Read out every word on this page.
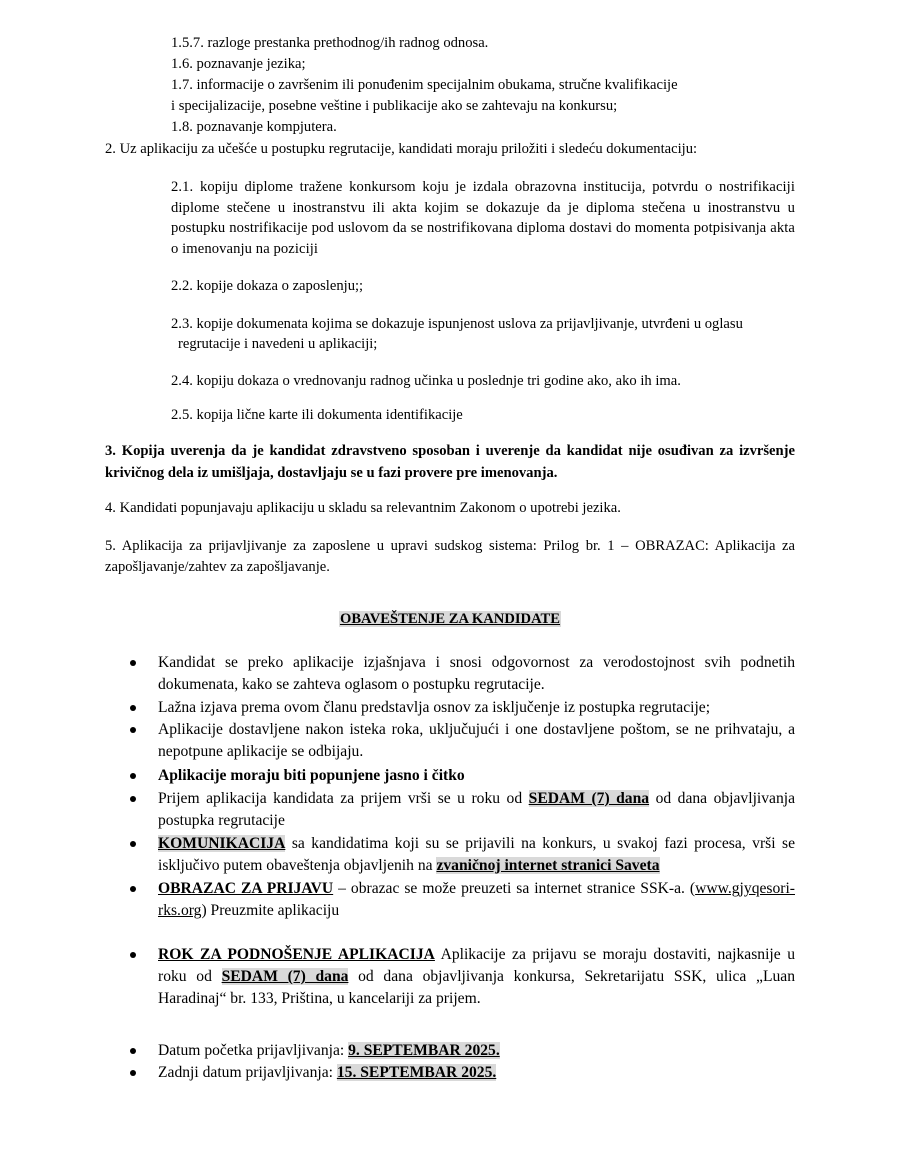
1.5.7. razloge prestanka prethodnog/ih radnog odnosa.
1.6. poznavanje jezika;
1.7. informacije o završenim ili ponuđenim specijalnim obukama, stručne kvalifikacije
i specijalizacije, posebne veštine i publikacije ako se zahtevaju na konkursu;
1.8. poznavanje kompjutera.
2. Uz aplikaciju za učešće u postupku regrutacije, kandidati moraju priložiti i sledeću dokumentaciju:
2.1. kopiju diplome tražene konkursom koju je izdala obrazovna institucija, potvrdu o nostrifikaciji diplome stečene u inostranstvu ili akta kojim se dokazuje da je diploma stečena u inostranstvu u postupku nostrifikacije pod uslovom da se nostrifikovana diploma dostavi do momenta potpisivanja akta o imenovanju na poziciji
2.2. kopije dokaza o zaposlenju;;
2.3. kopije dokumenata kojima se dokazuje ispunjenost uslova za prijavljivanje, utvrđeni u oglasu
regrutacije i navedeni u aplikaciji;
2.4. kopiju dokaza o vrednovanju radnog učinka u poslednje tri godine ako, ako ih ima.
2.5. kopija lične karte ili dokumenta identifikacije
3. Kopija uverenja da je kandidat zdravstveno sposoban i uverenje da kandidat nije osuđivan za izvršenje krivičnog dela iz umišljaja, dostavljaju se u fazi provere pre imenovanja.
4. Kandidati popunjavaju aplikaciju u skladu sa relevantnim Zakonom o upotrebi jezika.
5. Aplikacija za prijavljivanje za zaposlene u upravi sudskog sistema: Prilog br. 1 – OBRAZAC: Aplikacija za zapošljavanje/zahtev za zapošljavanje.
OBAVEŠTENJE ZA KANDIDATE
Kandidat se preko aplikacije izjašnjava i snosi odgovornost za verodostojnost svih podnetih dokumenata, kako se zahteva oglasom o postupku regrutacije.
Lažna izjava prema ovom članu predstavlja osnov za isključenje iz postupka regrutacije;
Aplikacije dostavljene nakon isteka roka, uključujući i one dostavljene poštom, se ne prihvataju, a nepotpune aplikacije se odbijaju.
Aplikacije moraju biti popunjene jasno i čitko
Prijem aplikacija kandidata za prijem vrši se u roku od SEDAM (7) dana od dana objavljivanja postupka regrutacije
KOMUNIKACIJA sa kandidatima koji su se prijavili na konkurs, u svakoj fazi procesa, vrši se isključivo putem obaveštenja objavljenih na zvaničnoj internet stranici Saveta
OBRAZAC ZA PRIJAVU – obrazac se može preuzeti sa internet stranice SSK-a. (www.gjyqesori-rks.org) Preuzmite aplikaciju
ROK ZA PODNOŠENJE APLIKACIJA Aplikacije za prijavu se moraju dostaviti, najkasnije u roku od SEDAM (7) dana od dana objavljivanja konkursa, Sekretarijatu SSK, ulica „Luan Haradinaj“ br. 133, Priština, u kancelariji za prijem.
Datum početka prijavljivanja: 9. SEPTEMBAR 2025.
Zadnji datum prijavljivanja: 15. SEPTEMBAR 2025.
